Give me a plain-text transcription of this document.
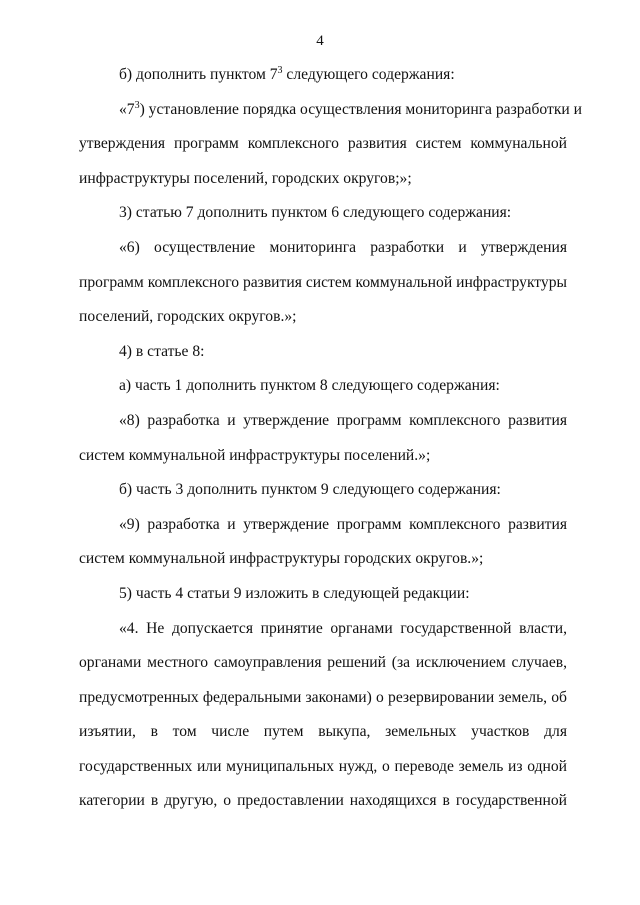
4
б) дополнить пунктом $7^3$ следующего содержания:
«$7^3$) установление порядка осуществления мониторинга разработки и
утверждения программ комплексного развития систем коммунальной
инфраструктуры поселений, городских округов;»;
3) статью 7 дополнить пунктом 6 следующего содержания:
«6) осуществление мониторинга разработки и утверждения
программ комплексного развития систем коммунальной инфраструктуры
поселений, городских округов.»;
4) в статье 8:
а) часть 1 дополнить пунктом 8 следующего содержания:
«8) разработка и утверждение программ комплексного развития
систем коммунальной инфраструктуры поселений.»;
б) часть 3 дополнить пунктом 9 следующего содержания:
«9) разработка и утверждение программ комплексного развития
систем коммунальной инфраструктуры городских округов.»;
5) часть 4 статьи 9 изложить в следующей редакции:
«4. Не допускается принятие органами государственной власти,
органами местного самоуправления решений (за исключением случаев,
предусмотренных федеральными законами) о резервировании земель, об
изъятии, в том числе путем выкупа, земельных участков для
государственных или муниципальных нужд, о переводе земель из одной
категории в другую, о предоставлении находящихся в государственной
